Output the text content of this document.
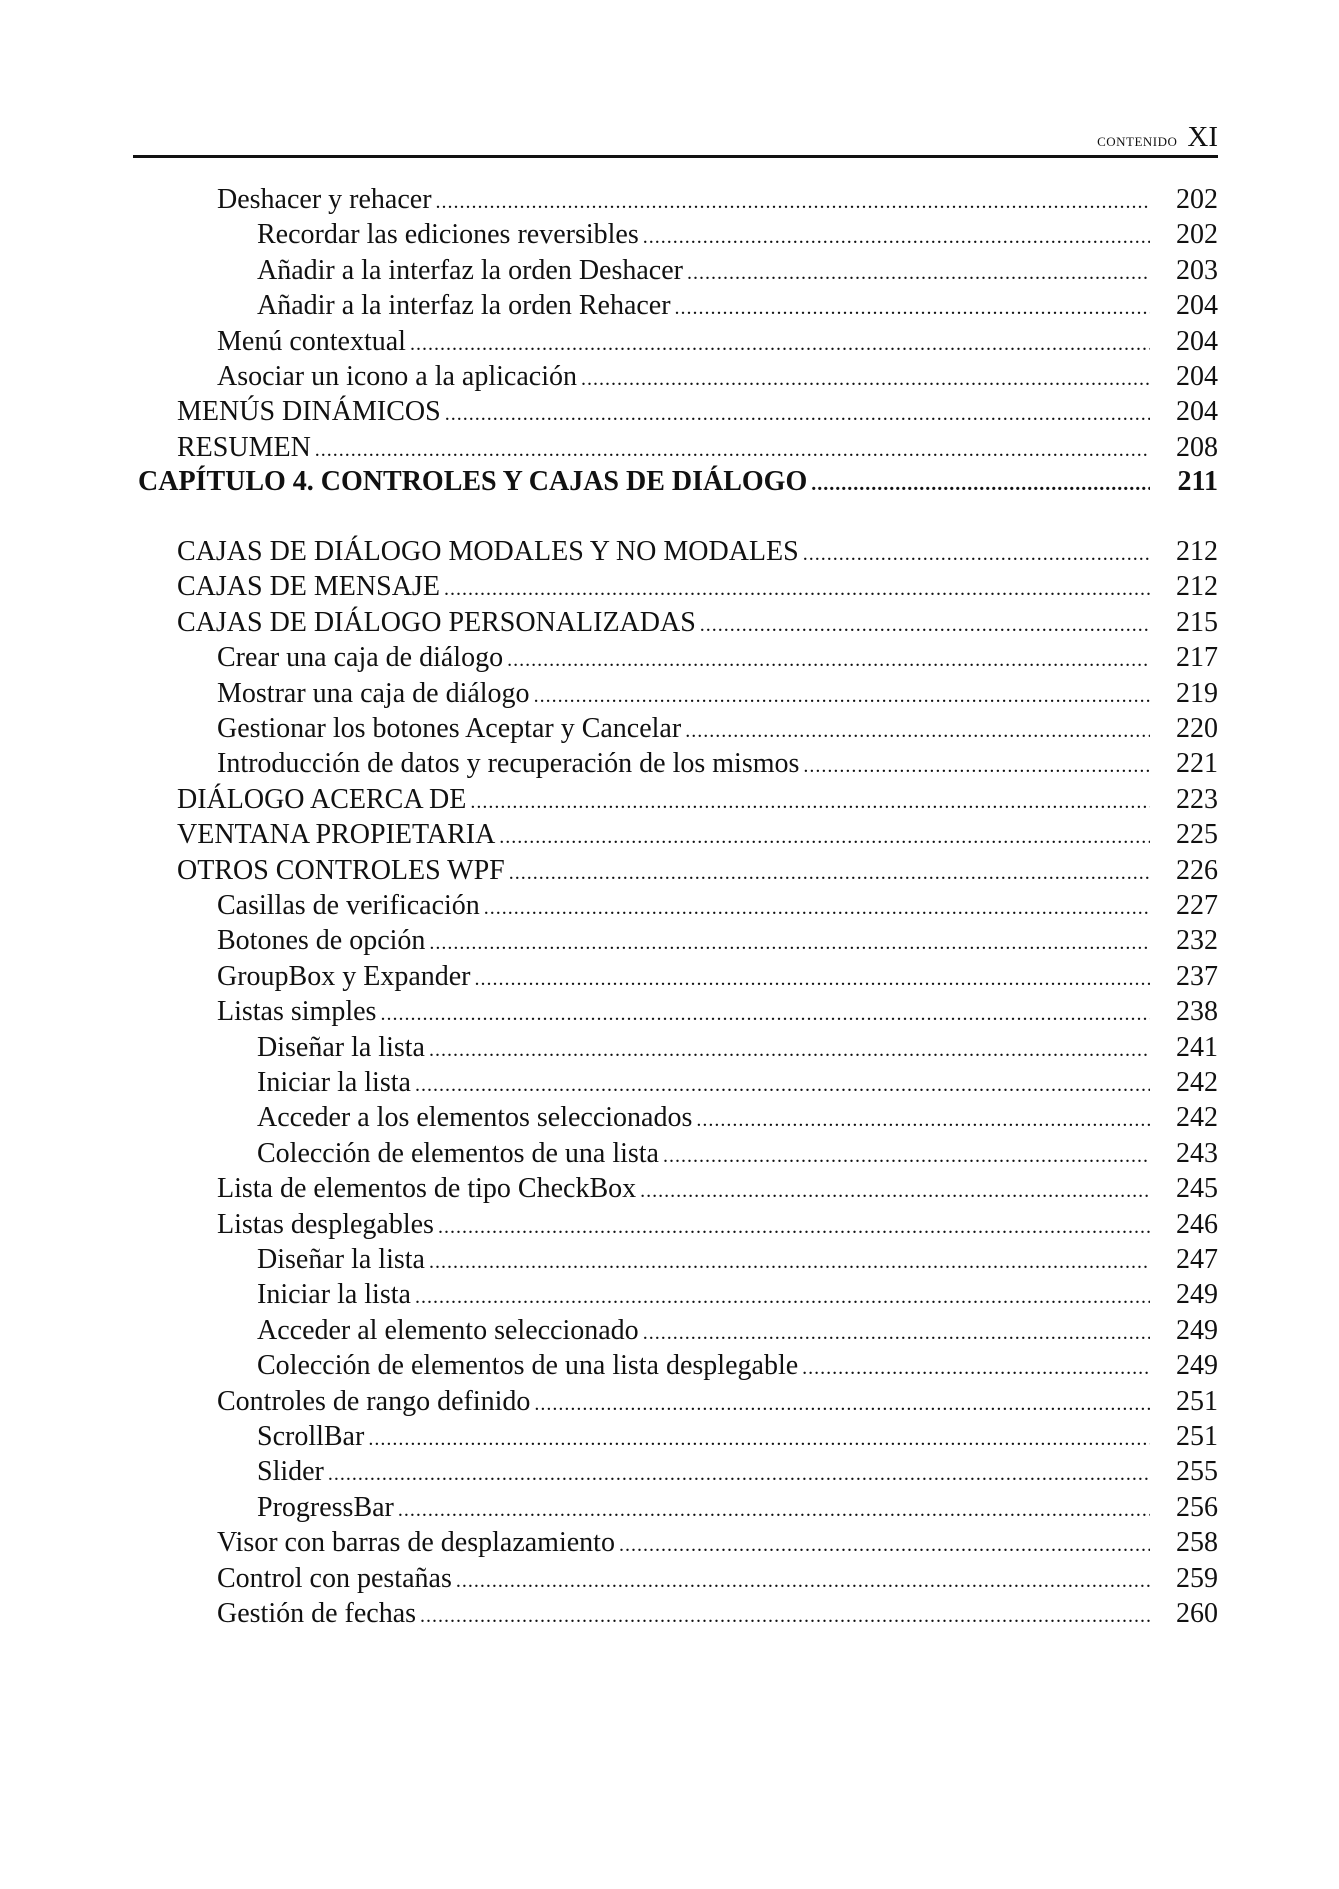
contenido XI
Deshacer y rehacer .....	202
Recordar las ediciones reversibles .....	202
Añadir a la interfaz la orden Deshacer .....	203
Añadir a la interfaz la orden Rehacer .....	204
Menú contextual .....	204
Asociar un icono a la aplicación .....	204
MENÚS DINÁMICOS .....	204
RESUMEN .....	208
CAPÍTULO 4. CONTROLES Y CAJAS DE DIÁLOGO .....	211
CAJAS DE DIÁLOGO MODALES Y NO MODALES .....	212
CAJAS DE MENSAJE .....	212
CAJAS DE DIÁLOGO PERSONALIZADAS .....	215
Crear una caja de diálogo .....	217
Mostrar una caja de diálogo .....	219
Gestionar los botones Aceptar y Cancelar .....	220
Introducción de datos y recuperación de los mismos .....	221
DIÁLOGO ACERCA DE .....	223
VENTANA PROPIETARIA .....	225
OTROS CONTROLES WPF .....	226
Casillas de verificación .....	227
Botones de opción .....	232
GroupBox y Expander .....	237
Listas simples .....	238
Diseñar la lista .....	241
Iniciar la lista .....	242
Acceder a los elementos seleccionados .....	242
Colección de elementos de una lista .....	243
Lista de elementos de tipo CheckBox .....	245
Listas desplegables .....	246
Diseñar la lista .....	247
Iniciar la lista .....	249
Acceder al elemento seleccionado .....	249
Colección de elementos de una lista desplegable .....	249
Controles de rango definido .....	251
ScrollBar .....	251
Slider .....	255
ProgressBar .....	256
Visor con barras de desplazamiento .....	258
Control con pestañas .....	259
Gestión de fechas .....	260
